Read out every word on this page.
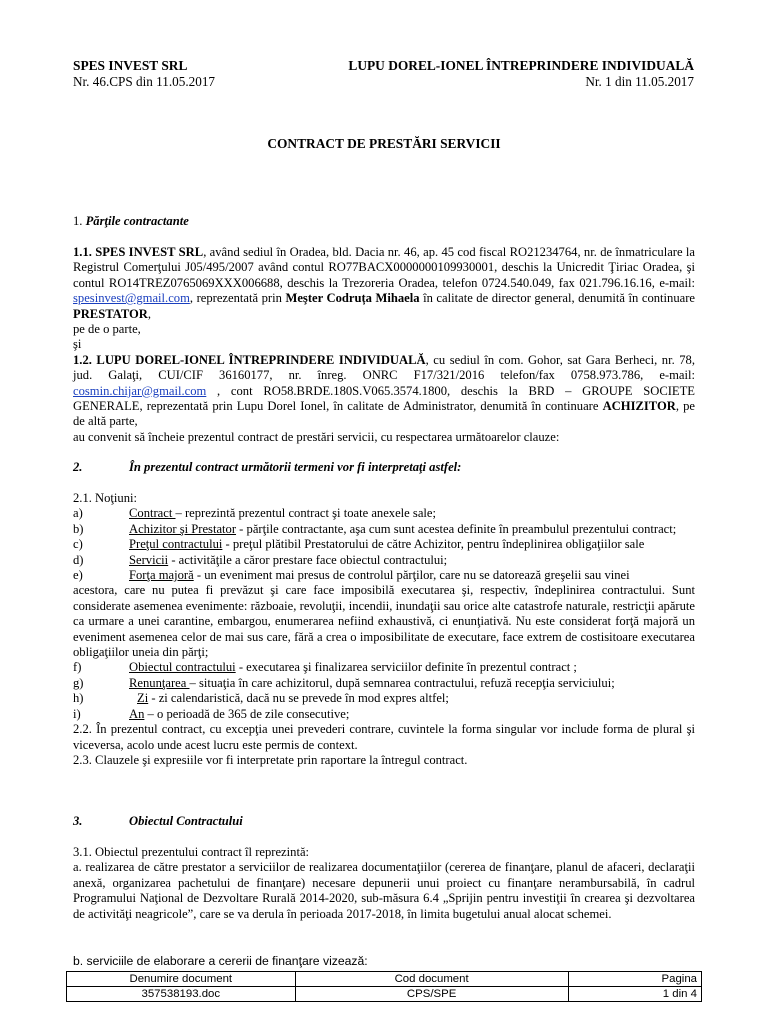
SPES INVEST SRL
Nr. 46.CPS din 11.05.2017
LUPU DOREL-IONEL ÎNTREPRINDERE INDIVIDUALĂ
Nr. 1 din 11.05.2017
CONTRACT DE PRESTĂRI SERVICII

1. Părţile contractante

1.1. SPES INVEST SRL, având sediul în Oradea, bld. Dacia nr. 46, ap. 45 cod fiscal RO21234764, nr. de înmatriculare la Registrul Comerţului J05/495/2007 având contul RO77BACX0000000109930001, deschis la Unicredit Ţiriac Oradea, şi contul RO14TREZ0765069XXX006688, deschis la Trezoreria Oradea, telefon 0724.540.049, fax 021.796.16.16, e-mail: spesinvest@gmail.com, reprezentată prin Meşter Codruța Mihaela în calitate de director general, denumită în continuare PRESTATOR,

pe de o parte,

şi

1.2. LUPU DOREL-IONEL ÎNTREPRINDERE INDIVIDUALĂ, cu sediul în com. Gohor, sat Gara Berheci, nr. 78, jud. Galaţi, CUI/CIF 36160177, nr. înreg. ONRC F17/321/2016 telefon/fax 0758.973.786, e-mail: cosmin.chijar@gmail.com , cont RO58.BRDE.180S.V065.3574.1800, deschis la BRD – GROUPE SOCIETE GENERALE, reprezentată prin Lupu Dorel Ionel, în calitate de Administrator, denumită în continuare ACHIZITOR, pe de altă parte,

au convenit să încheie prezentul contract de prestări servicii, cu respectarea următoarelor clauze:

2.	În prezentul contract următorii termeni vor fi interpretaţi astfel:

2.1. Noţiuni:

a)	Contract – reprezintă prezentul contract şi toate anexele sale;
b)	Achizitor şi Prestator - părţile contractante, aşa cum sunt acestea definite în preambulul prezentului contract;
c)	Preţul contractului - preţul plătibil Prestatorului de către Achizitor, pentru îndeplinirea obligaţiilor sale
d)	Servicii - activităţile a căror prestare face obiectul contractului;
e)	Forţa majoră - un eveniment mai presus de controlul părţilor, care nu se datorează greşelii sau vinei

acestora, care nu putea fi prevăzut şi care face imposibilă executarea şi, respectiv, îndeplinirea contractului. Sunt considerate asemenea evenimente: războaie, revoluţii, incendii, inundaţii sau orice alte catastrofe naturale, restricţii apărute ca urmare a unei carantine, embargou, enumerarea nefiind exhaustivă, ci enunţiativă. Nu este considerat forţă majoră un eveniment asemenea celor de mai sus care, fără a crea o imposibilitate de executare, face extrem de costisitoare executarea obligaţiilor uneia din părţi;

f)	Obiectul contractului - executarea şi finalizarea serviciilor definite în prezentul contract ;
g)	Renunţarea – situaţia în care achizitorul, după semnarea contractului, refuză recepţia serviciului;
h)	Zi - zi calendaristică, dacă nu se prevede în mod expres altfel;
i)	An – o perioadă de 365 de zile consecutive;

2.2. În prezentul contract, cu excepţia unei prevederi contrare, cuvintele la forma singular vor include forma de plural şi viceversa, acolo unde acest lucru este permis de context.

2.3. Clauzele şi expresiile vor fi interpretate prin raportare la întregul contract.

3.	Obiectul Contractului

3.1. Obiectul prezentului contract îl reprezintă:

a. realizarea de către prestator a serviciilor de realizarea documentaţiilor (cererea de finanţare, planul de afaceri, declaraţii anexă, organizarea pachetului de finanţare) necesare depunerii unui proiect cu finanţare nerambursabilă, în cadrul Programului Naţional de Dezvoltare Rurală 2014-2020, sub-măsura 6.4 „Sprijin pentru investiţii în crearea şi dezvoltarea de activităţi neagricole”, care se va derula în perioada 2017-2018, în limita bugetului anual alocat schemei.

b. serviciile de elaborare a cererii de finanţare vizează:

Denumire document	Cod document	Pagina
357538193.doc	CPS/SPE	1 din 4
